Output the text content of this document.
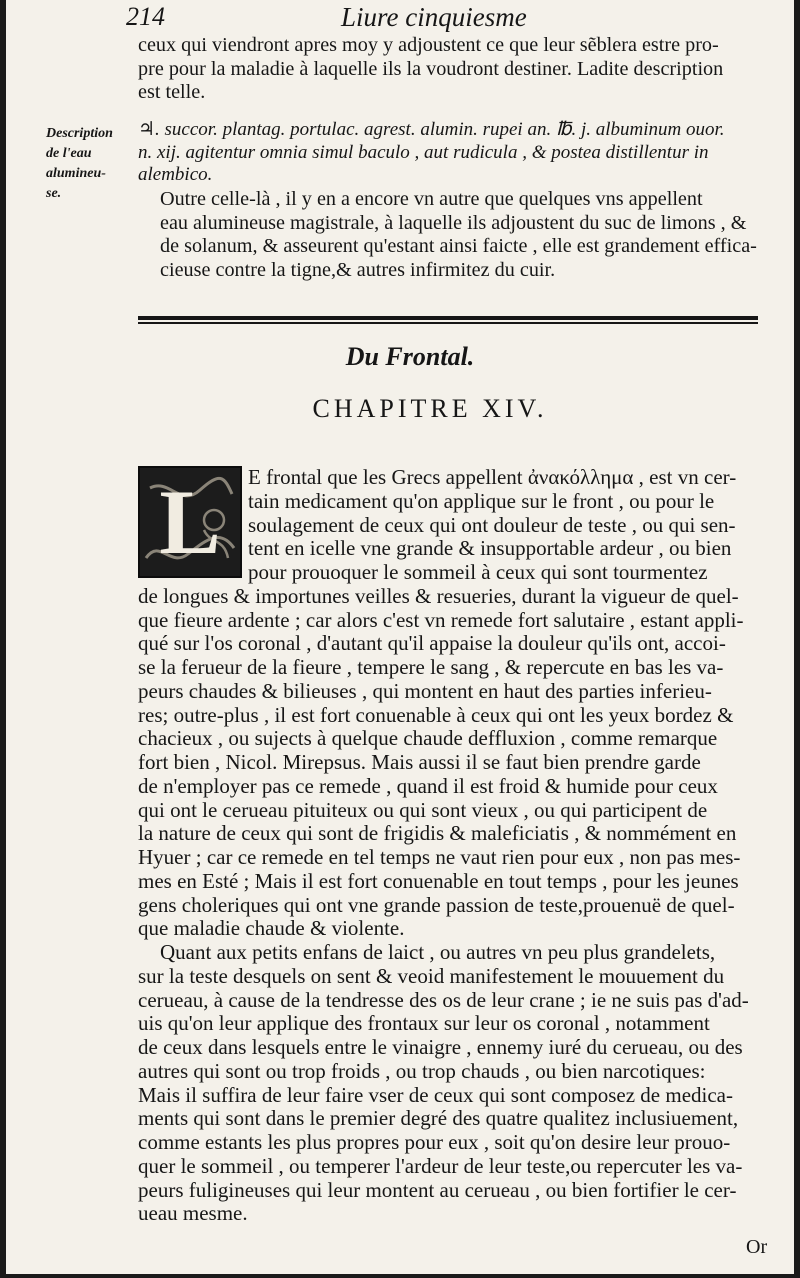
214	Liure cinquiesme
ceux qui viendront apres moy y adjoustent ce que leur sẽblera estre pro-
pre pour la maladie à laquelle ils la voudront destiner. Ladite description
est telle.
Description
de l'eau
alumineu-
se.
♃. succor. plantag. portulac. agrest. alumin. rupei an. ℔. j. albuminum ouor.
n. xij. agitentur omnia simul baculo , aut rudicula , & postea distillentur in
alembico.
Outre celle-là , il y en a encore vn autre que quelques vns appellent
eau alumineuse magistrale, à laquelle ils adjoustent du suc de limons , &
de solanum, & asseurent qu'estant ainsi faicte , elle est grandement effica-
cieuse contre la tigne,& autres infirmitez du cuir.
Du Frontal.
CHAPITRE XIV.
L	E frontal que les Grecs appellent ἀνακόλλημα , est vn cer-
tain medicament qu'on applique sur le front , ou pour le
soulagement de ceux qui ont douleur de teste , ou qui sen-
tent en icelle vne grande & insupportable ardeur , ou bien
pour prouoquer le sommeil à ceux qui sont tourmentez
de longues & importunes veilles & resueries, durant la vigueur de quel-
que fieure ardente ; car alors c'est vn remede fort salutaire , estant appli-
qué sur l'os coronal , d'autant qu'il appaise la douleur qu'ils ont, accoi-
se la ferueur de la fieure , tempere le sang , & repercute en bas les va-
peurs chaudes & bilieuses , qui montent en haut des parties inferieu-
res; outre-plus , il est fort conuenable à ceux qui ont les yeux bordez &
chacieux , ou sujects à quelque chaude deffluxion , comme remarque
fort bien , Nicol. Mirepsus. Mais aussi il se faut bien prendre garde
de n'employer pas ce remede , quand il est froid & humide pour ceux
qui ont le cerueau pituiteux ou qui sont vieux , ou qui participent de
la nature de ceux qui sont de frigidis & maleficiatis , & nommément en
Hyuer ; car ce remede en tel temps ne vaut rien pour eux , non pas mes-
mes en Esté ; Mais il est fort conuenable en tout temps , pour les jeunes
gens choleriques qui ont vne grande passion de teste,prouenuë de quel-
que maladie chaude & violente.
Quant aux petits enfans de laict , ou autres vn peu plus grandelets,
sur la teste desquels on sent & veoid manifestement le mouuement du
cerueau, à cause de la tendresse des os de leur crane ; ie ne suis pas d'ad-
uis qu'on leur applique des frontaux sur leur os coronal , notamment
de ceux dans lesquels entre le vinaigre , ennemy iuré du cerueau, ou des
autres qui sont ou trop froids , ou trop chauds , ou bien narcotiques:
Mais il suffira de leur faire vser de ceux qui sont composez de medica-
ments qui sont dans le premier degré des quatre qualitez inclusiuement,
comme estants les plus propres pour eux , soit qu'on desire leur prouo-
quer le sommeil , ou temperer l'ardeur de leur teste,ou repercuter les va-
peurs fuligineuses qui leur montent au cerueau , ou bien fortifier le cer-
ueau mesme.
Or
